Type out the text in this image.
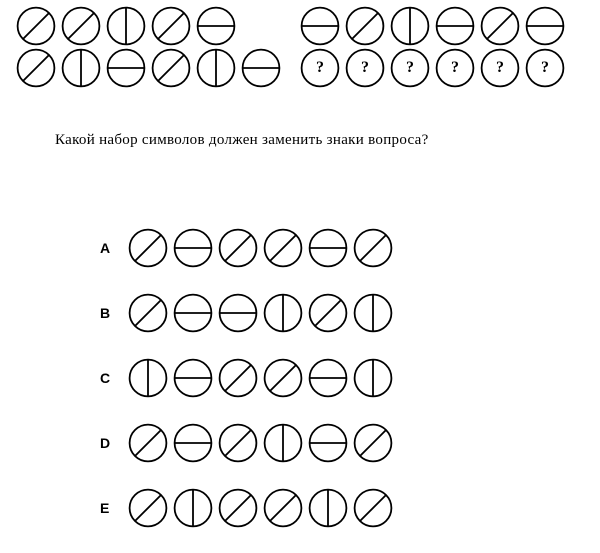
?	?	?	?	?	?
Какой набор символов должен заменить знаки вопроса?
A
B
C
D
E
